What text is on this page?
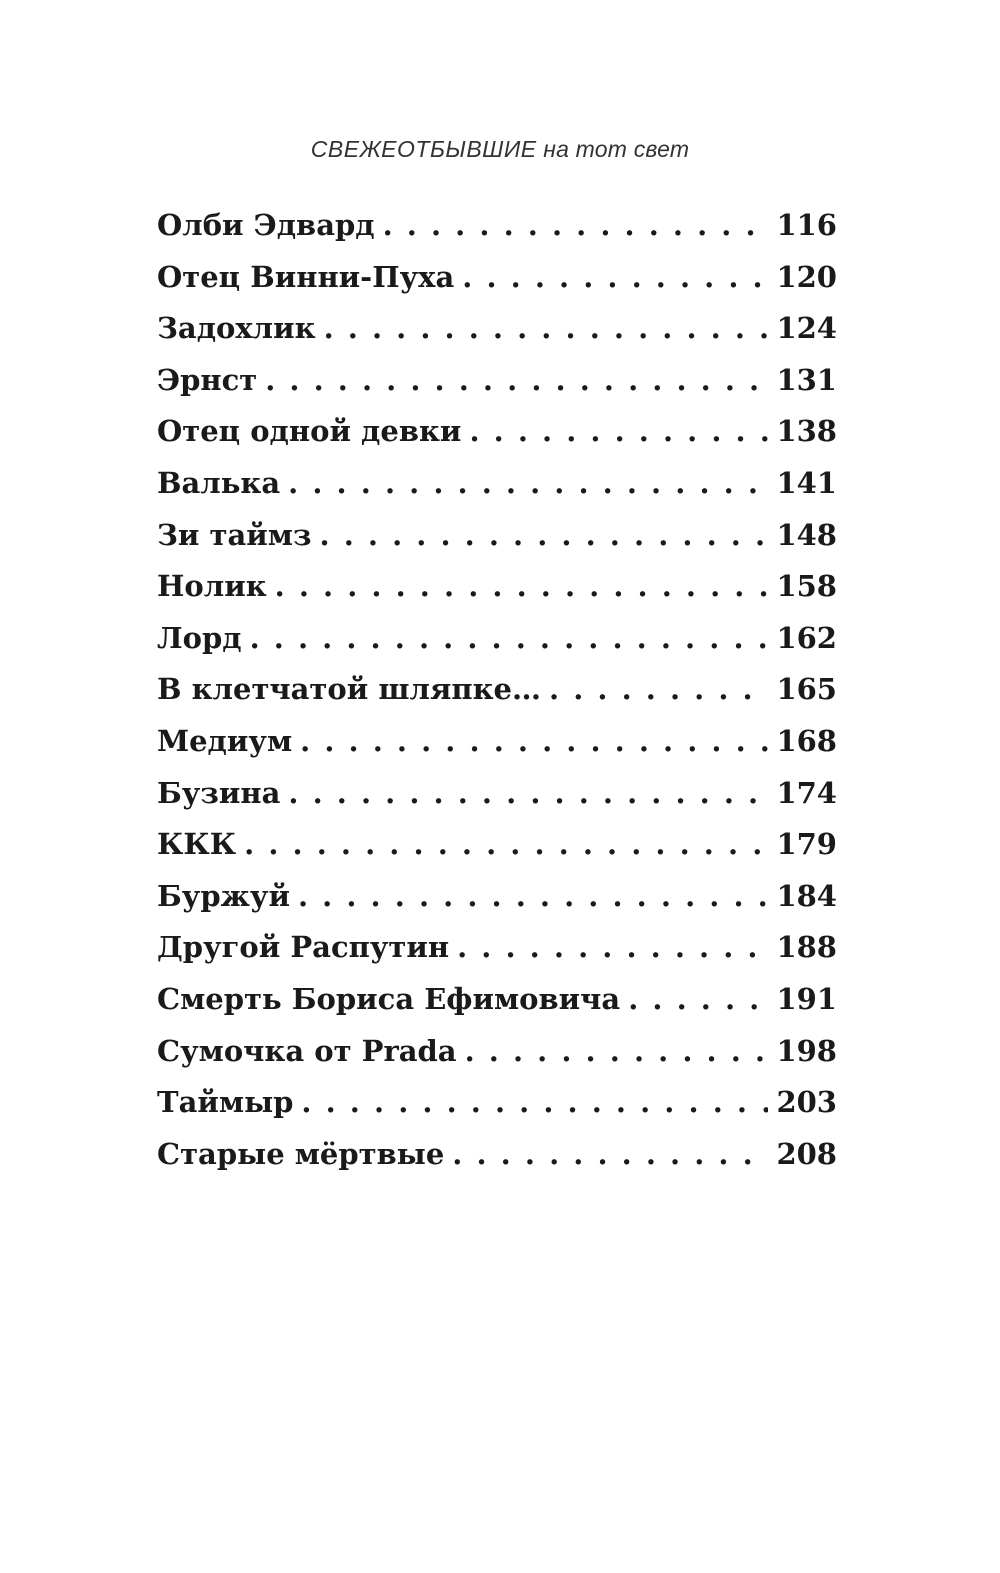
СВЕЖЕОТБЫВШИЕ на тот свет
Олби Эдвард . . .	116
Отец Винни-Пуха . . .	120
Задохлик . . .	124
Эрнст . . .	131
Отец одной девки . . .	138
Валька . . .	141
Зи таймз . . .	148
Нолик . . .	158
Лорд . . .	162
В клетчатой шляпке… . . .	165
Медиум . . .	168
Бузина . . .	174
ККК . . .	179
Буржуй . . .	184
Другой Распутин . . .	188
Смерть Бориса Ефимовича . . .	191
Сумочка от Prada . . .	198
Таймыр . . .	203
Старые мёртвые . . .	208
